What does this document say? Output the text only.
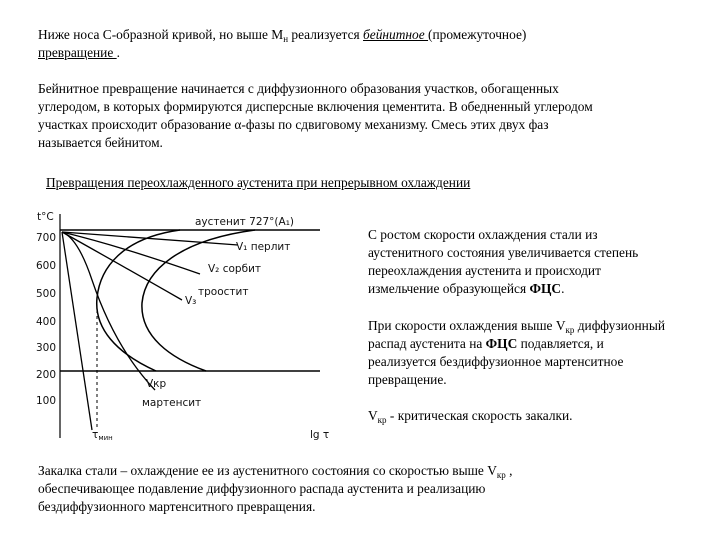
Ниже носа С-образной кривой, но выше $М_н$ реализуется бейнитное (промежуточное)
превращение .
Бейнитное превращение начинается с диффузионного образования участков, обогащенных
углеродом, в которых формируются дисперсные включения цементита. В обедненный углеродом
участках происходит образование α-фазы по сдвиговому механизму. Смесь этих двух фаз
называется бейнитом.
Превращения переохлажденного аустенита при непрерывном охлаждении
t°C
700
600
500
400
300
200
100
аустенит 727°(A₁)
V₁ перлит
V₂ сорбит
троостит
V₃
Vкр
мартенсит
τмин	lg τ
С ростом скорости охлаждения стали из
аустенитного состояния увеличивается степень
переохлаждения аустенита и происходит
измельчение образующейся ФЦС.
При скорости охлаждения выше $V_{кр}$ диффузионный
распад аустенита на ФЦС подавляется, и
реализуется бездиффузионное мартенситное
превращение.
$V_{кр}$ - критическая скорость закалки.
Закалка стали – охлаждение ее из аустенитного состояния со скоростью выше $V_{кр}$ ,
обеспечивающее подавление диффузионного распада аустенита и реализацию
бездиффузионного мартенситного превращения.
